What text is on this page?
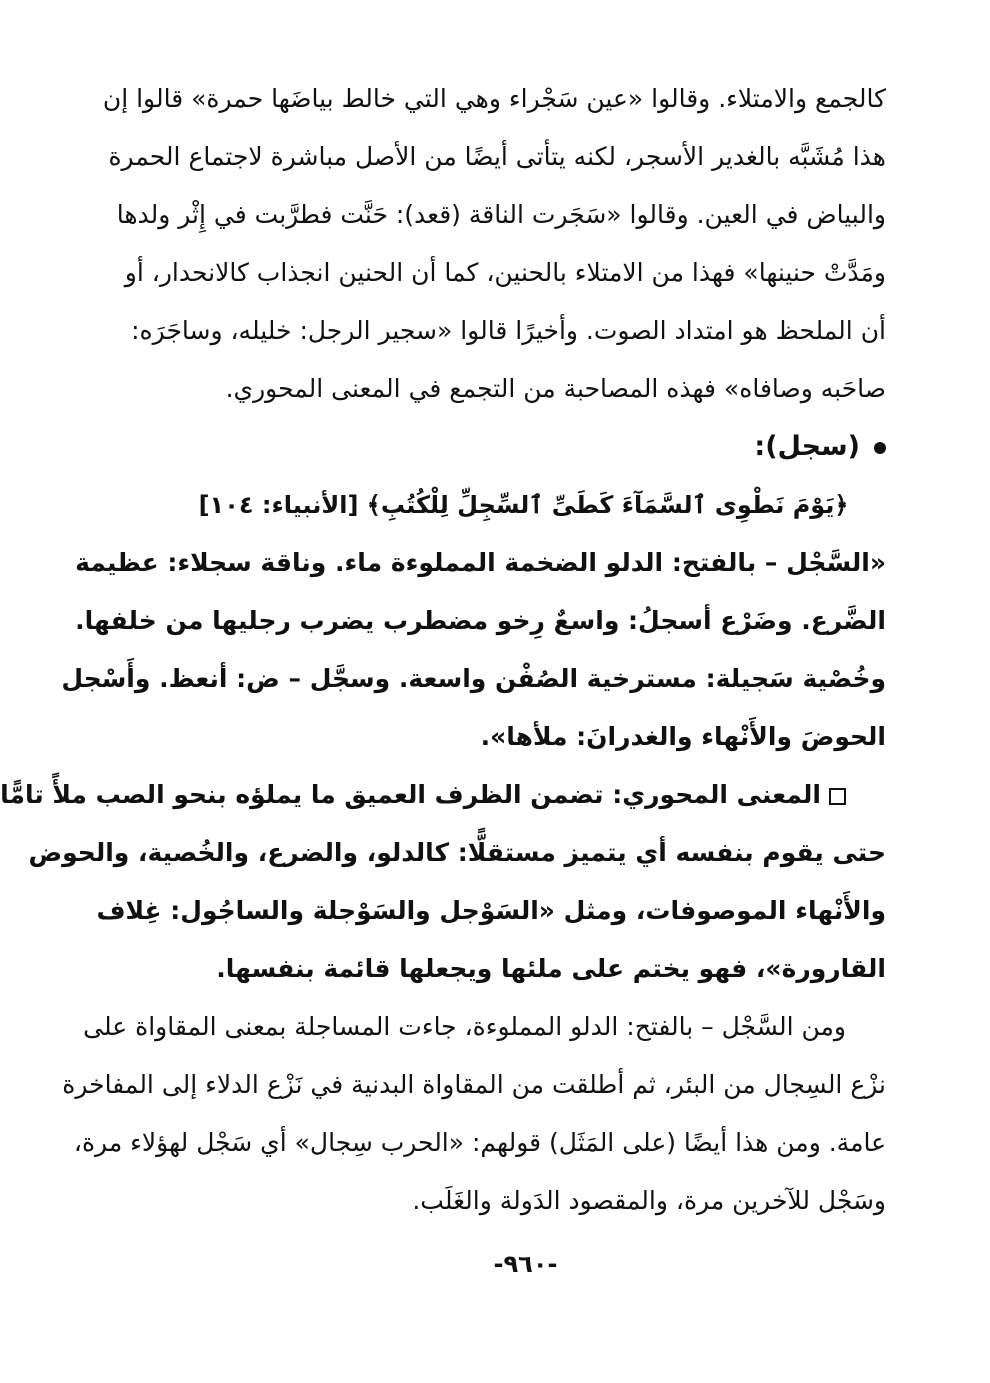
كالجمع والامتلاء. وقالوا «عين سَجْراء وهي التي خالط بياضَها حمرة» قالوا إن
هذا مُشَبَّه بالغدير الأسجر، لكنه يتأتى أيضًا من الأصل مباشرة لاجتماع الحمرة
والبياض في العين. وقالوا «سَجَرت الناقة (قعد): حَنَّت فطرَّبت في إِثْر ولدها
ومَدَّتْ حنينها» فهذا من الامتلاء بالحنين، كما أن الحنين انجذاب كالانحدار، أو
أن الملحظ هو امتداد الصوت. وأخيرًا قالوا «سجير الرجل: خليله، وساجَرَه:
صاحَبه وصافاه» فهذه المصاحبة من التجمع في المعنى المحوري.
(سجل):
﴿يَوْمَ نَطْوِى ٱلسَّمَآءَ كَطَىِّ ٱلسِّجِلِّ لِلْكُتُبِ﴾ [الأنبياء: ١٠٤]
«السَّجْل – بالفتح: الدلو الضخمة المملوءة ماء. وناقة سجلاء: عظيمة
الضَّرع. وضَرْع أسجلُ: واسعٌ رِخو مضطرب يضرب رجليها من خلفها.
وخُصْية سَجيلة: مسترخية الصُفْن واسعة. وسجَّل – ض: أنعظ. وأَسْجل
الحوضَ والأَنْهاء والغدرانَ: ملأها».
المعنى المحوري: تضمن الظرف العميق ما يملؤه بنحو الصب ملأً تامًّا
حتى يقوم بنفسه أي يتميز مستقلًّا: كالدلو، والضرع، والخُصية، والحوض
والأَنْهاء الموصوفات، ومثل «السَوْجل والسَوْجلة والساجُول: غِلاف
القارورة»، فهو يختم على ملئها ويجعلها قائمة بنفسها.
ومن السَّجْل – بالفتح: الدلو المملوءة، جاءت المساجلة بمعنى المقاواة على
نزْع السِجال من البئر، ثم أطلقت من المقاواة البدنية في نَزْع الدلاء إلى المفاخرة
عامة. ومن هذا أيضًا (على المَثَل) قولهم: «الحرب سِجال» أي سَجْل لهؤلاء مرة،
وسَجْل للآخرين مرة، والمقصود الدَولة والغَلَب.
-٩٦٠-
